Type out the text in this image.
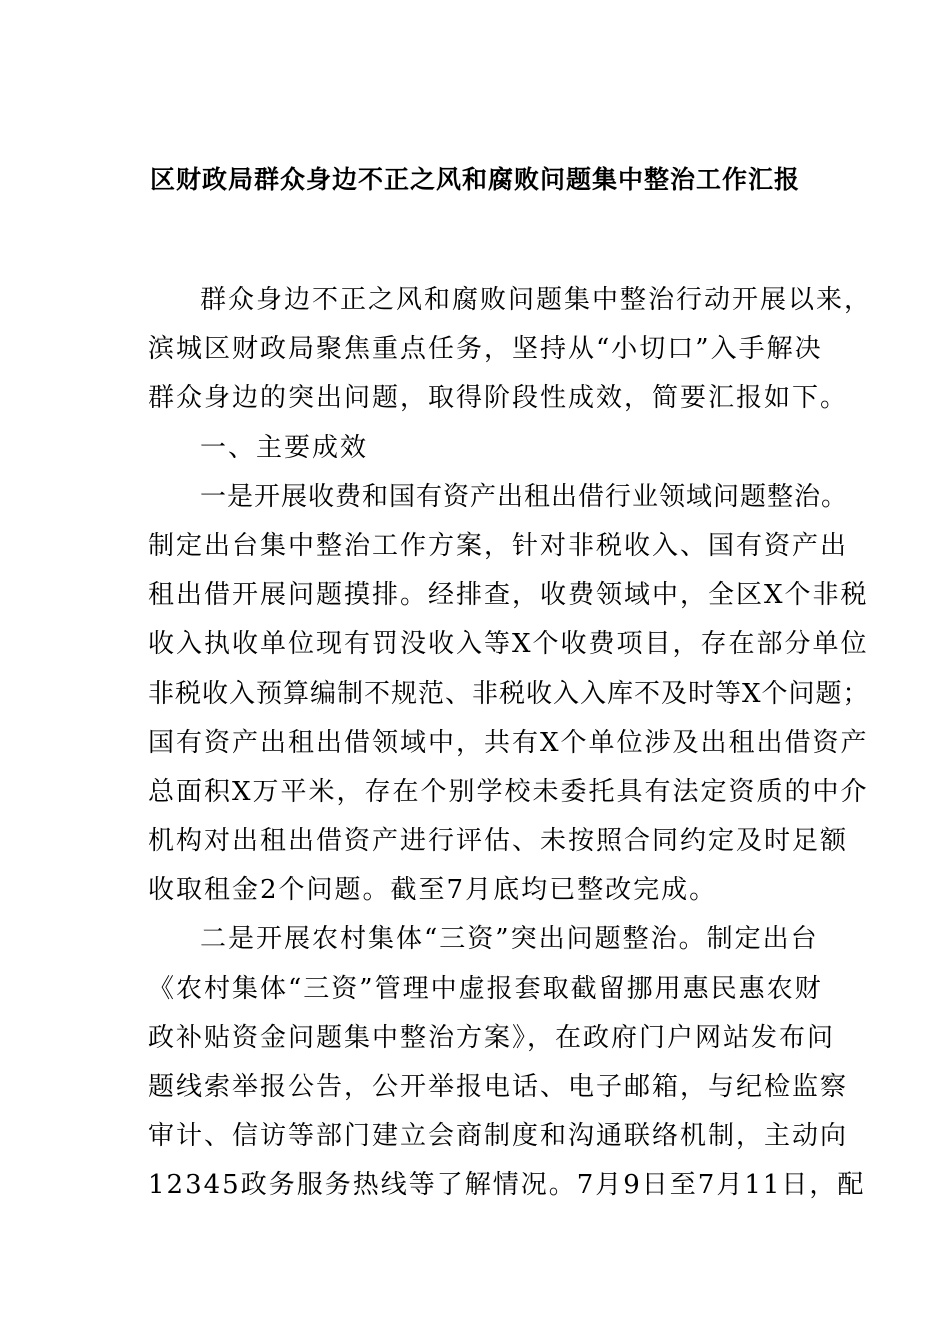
区财政局群众身边不正之风和腐败问题集中整治工作汇报
群众身边不正之风和腐败问题集中整治行动开展以来，
滨城区财政局聚焦重点任务，坚持从“小切口”入手解决
群众身边的突出问题，取得阶段性成效，简要汇报如下。
一、主要成效
一是开展收费和国有资产出租出借行业领域问题整治。
制定出台集中整治工作方案，针对非税收入、国有资产出
租出借开展问题摸排。经排查，收费领域中，全区X个非税
收入执收单位现有罚没收入等X个收费项目，存在部分单位
非税收入预算编制不规范、非税收入入库不及时等X个问题；
国有资产出租出借领域中，共有X个单位涉及出租出借资产
总面积X万平米，存在个别学校未委托具有法定资质的中介
机构对出租出借资产进行评估、未按照合同约定及时足额
收取租金2个问题。截至7月底均已整改完成。
二是开展农村集体“三资”突出问题整治。制定出台
《农村集体“三资”管理中虚报套取截留挪用惠民惠农财
政补贴资金问题集中整治方案》，在政府门户网站发布问
题线索举报公告，公开举报电话、电子邮箱，与纪检监察
审计、信访等部门建立会商制度和沟通联络机制，主动向
12345政务服务热线等了解情况。7月9日至7月11日，配
